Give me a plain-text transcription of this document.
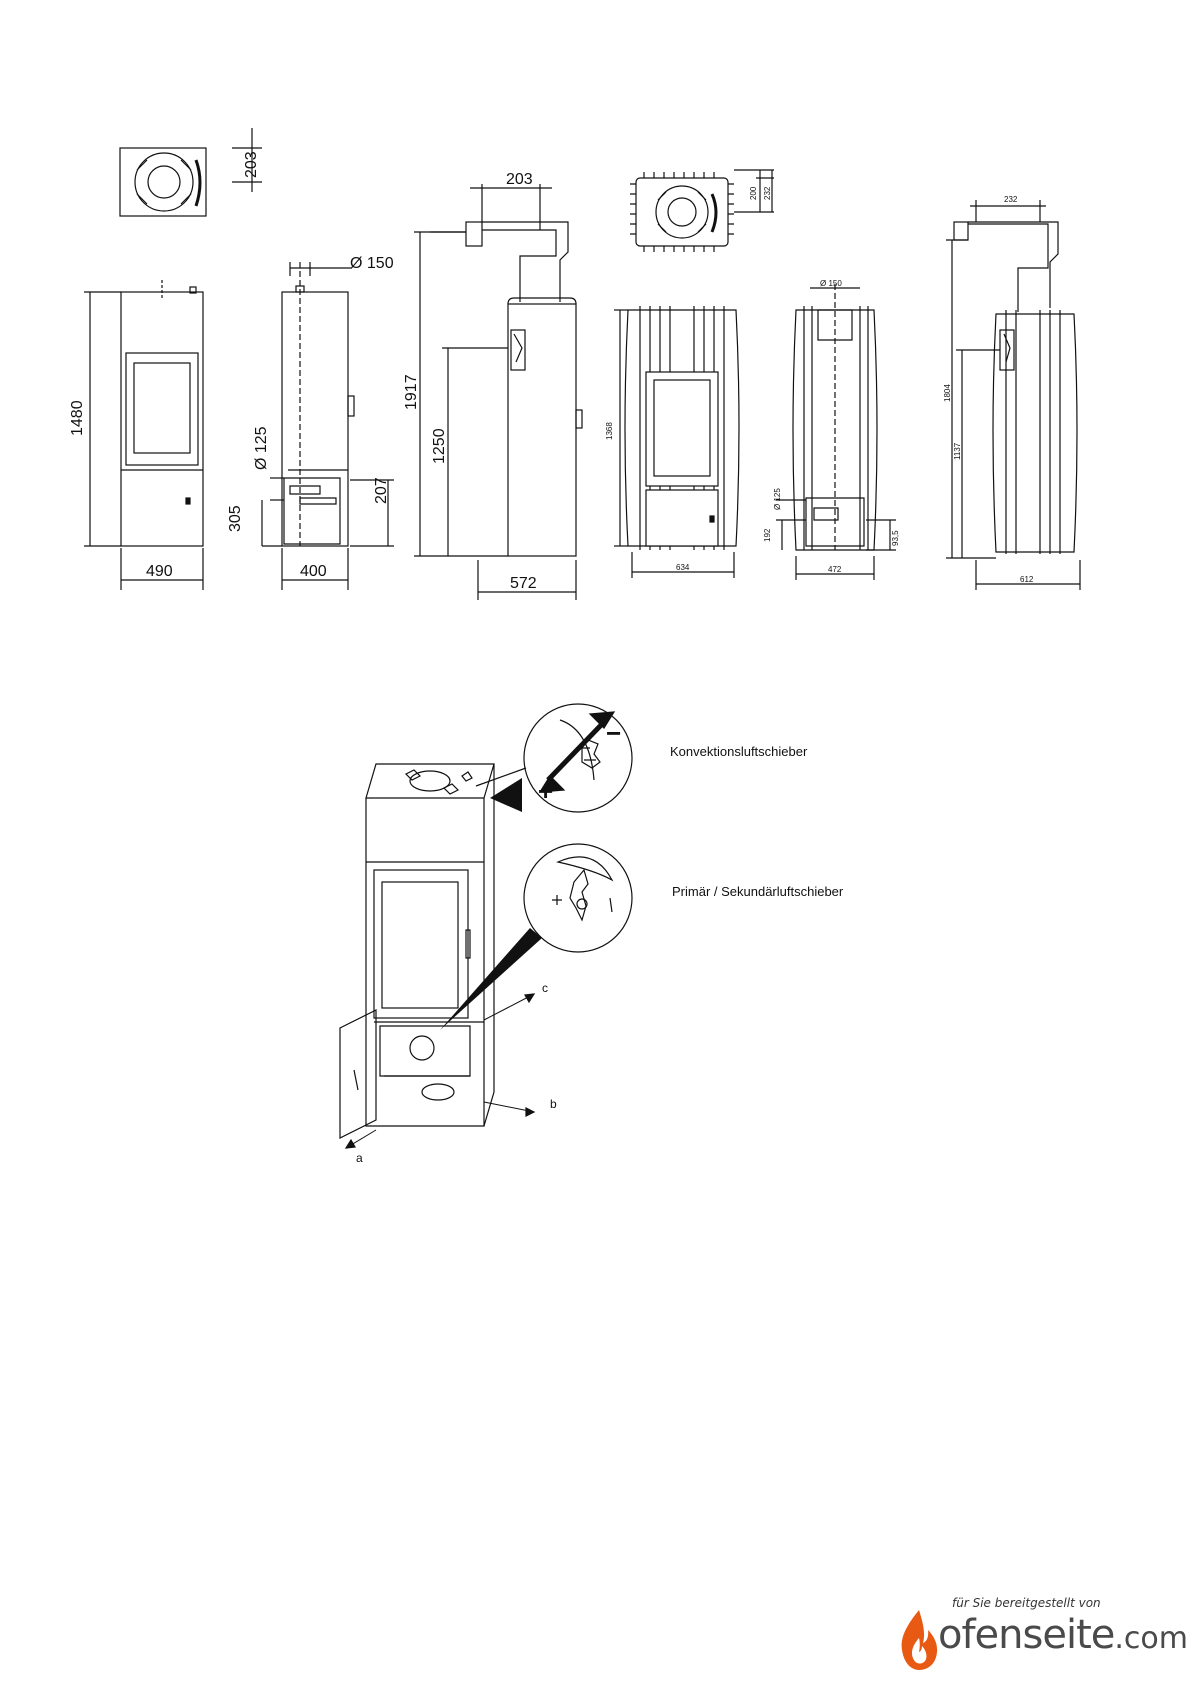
203
1480
490
Ø 150
Ø 125
305
207
400
203
1917
1250
572
200 232
1368
634
Ø 150
Ø 125
192	93,5
472
232
1804
1137
612
Konvektionsluftschieber
Primär / Sekundärluftschieber
+
−
a
b
c
für Sie bereitgestellt von
ofenseite.com
